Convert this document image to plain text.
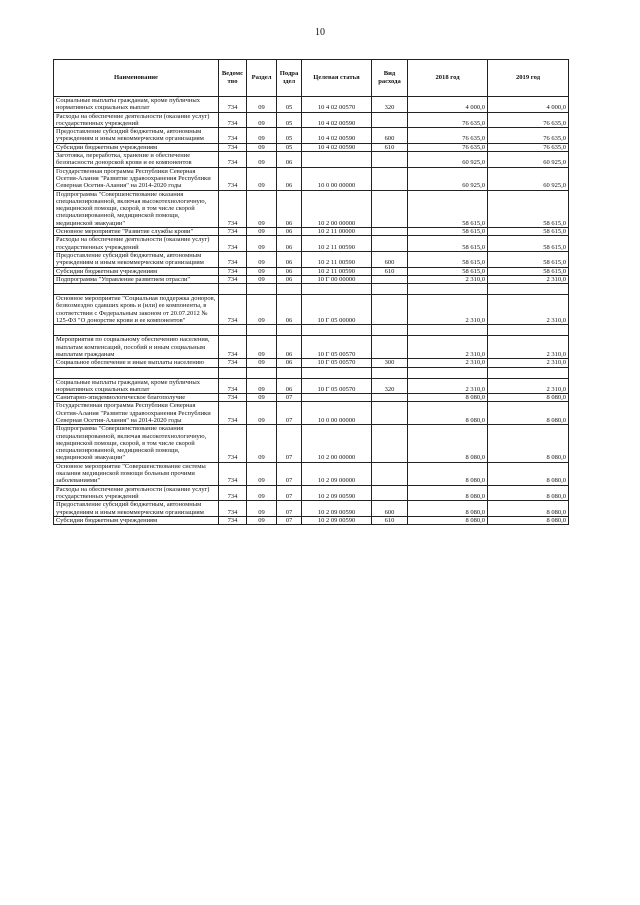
10
Наименование	Ведомс тво	Раздел	Подра здел	Целевая статья	Вид расхода	2018 год	2019 год
Социальные выплаты гражданам, кроме публичных нормативных социальных выплат	734	09	05	10 4 02 00570	320	4 000,0	4 000,0
Расходы на обеспечение деятельности (оказание услуг) государственных учреждений	734	09	05	10 4 02 00590		76 635,0	76 635,0
Предоставление субсидий бюджетным, автономным учреждениям и иным некоммерческим организациям	734	09	05	10 4 02 00590	600	76 635,0	76 635,0
Субсидии бюджетным учреждениям	734	09	05	10 4 02 00590	610	76 635,0	76 635,0
Заготовка, переработка, хранение и обеспечение безопасности донорской крови и ее компонентов	734	09	06			60 925,0	60 925,0
Государственная программа Республики Северная Осетия-Алания "Развитие здравоохранения Республики Северная Осетия-Алания" на 2014-2020 годы	734	09	06	10 0 00 00000		60 925,0	60 925,0
Подпрограмма "Совершенствование оказания специализированной, включая высокотехнологичную, медицинской помощи, скорой, в том числе скорой специализированной, медицинской помощи, медицинской эвакуации"	734	09	06	10 2 00 00000		58 615,0	58 615,0
Основное мероприятие "Развитие службы крови"	734	09	06	10 2 11 00000		58 615,0	58 615,0
Расходы на обеспечение деятельности (оказание услуг) государственных учреждений	734	09	06	10 2 11 00590		58 615,0	58 615,0
Предоставление субсидий бюджетным, автономным учреждениям и иным некоммерческим организациям	734	09	06	10 2 11 00590	600	58 615,0	58 615,0
Субсидии бюджетным учреждениям	734	09	06	10 2 11 00590	610	58 615,0	58 615,0
Подпрограмма "Управление развитием отрасли"	734	09	06	10 Г 00 00000		2 310,0	2 310,0

Основное мероприятие "Социальная поддержка доноров, безвозмездно сдавших кровь и (или) ее компоненты, в соответствии с Федеральным законом от 20.07.2012 № 125-ФЗ "О донорстве крови и ее компонентов"	734	09	06	10 Г 05 00000		2 310,0	2 310,0

Мероприятия по социальному обеспечению населения, выплатам компенсаций, пособий и иным социальным выплатам гражданам	734	09	06	10 Г 05 00570		2 310,0	2 310,0
Социальное обеспечение и иные выплаты населению	734	09	06	10 Г 05 00570	300	2 310,0	2 310,0

Социальные выплаты гражданам, кроме публичных нормативных социальных выплат	734	09	06	10 Г 05 00570	320	2 310,0	2 310,0
Санитарно-эпидемиологическое благополучие	734	09	07			8 080,0	8 080,0
Государственная программа Республики Северная Осетия-Алания "Развитие здравоохранения Республики Северная Осетия-Алания" на 2014-2020 годы	734	09	07	10 0 00 00000		8 080,0	8 080,0
Подпрограмма "Совершенствование оказания специализированной, включая высокотехнологичную, медицинской помощи, скорой, в том числе скорой специализированной, медицинской помощи, медицинской эвакуации"	734	09	07	10 2 00 00000		8 080,0	8 080,0
Основное мероприятие "Совершенствование системы оказания медицинской помощи больным прочими заболеваниями"	734	09	07	10 2 09 00000		8 080,0	8 080,0
Расходы на обеспечение деятельности (оказание услуг) государственных учреждений	734	09	07	10 2 09 00590		8 080,0	8 080,0
Предоставление субсидий бюджетным, автономным учреждениям и иным некоммерческим организациям	734	09	07	10 2 09 00590	600	8 080,0	8 080,0
Субсидии бюджетным учреждениям	734	09	07	10 2 09 00590	610	8 080,0	8 080,0
